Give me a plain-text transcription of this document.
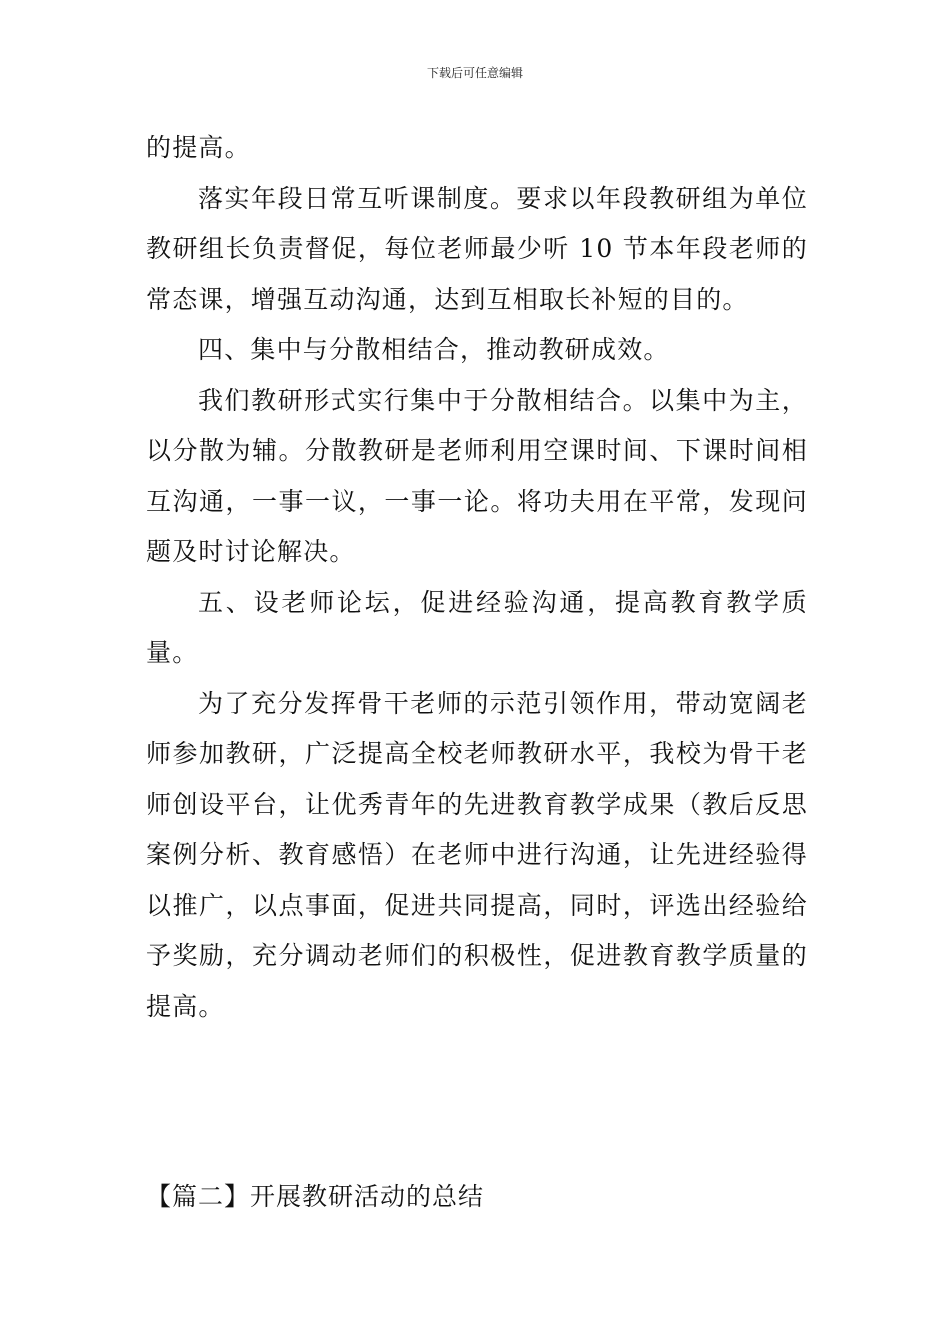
下载后可任意编辑

的提高。

落实年段日常互听课制度。要求以年段教研组为单位教研组长负责督促，每位老师最少听 10 节本年段老师的常态课，增强互动沟通，达到互相取长补短的目的。

四、集中与分散相结合，推动教研成效。

我们教研形式实行集中于分散相结合。以集中为主，以分散为辅。分散教研是老师利用空课时间、下课时间相互沟通，一事一议，一事一论。将功夫用在平常，发现问题及时讨论解决。

五、设老师论坛，促进经验沟通，提高教育教学质量。

为了充分发挥骨干老师的示范引领作用，带动宽阔老师参加教研，广泛提高全校老师教研水平，我校为骨干老师创设平台，让优秀青年的先进教育教学成果（教后反思案例分析、教育感悟）在老师中进行沟通，让先进经验得以推广，以点事面，促进共同提高，同时，评选出经验给予奖励，充分调动老师们的积极性，促进教育教学质量的提高。

【篇二】开展教研活动的总结
